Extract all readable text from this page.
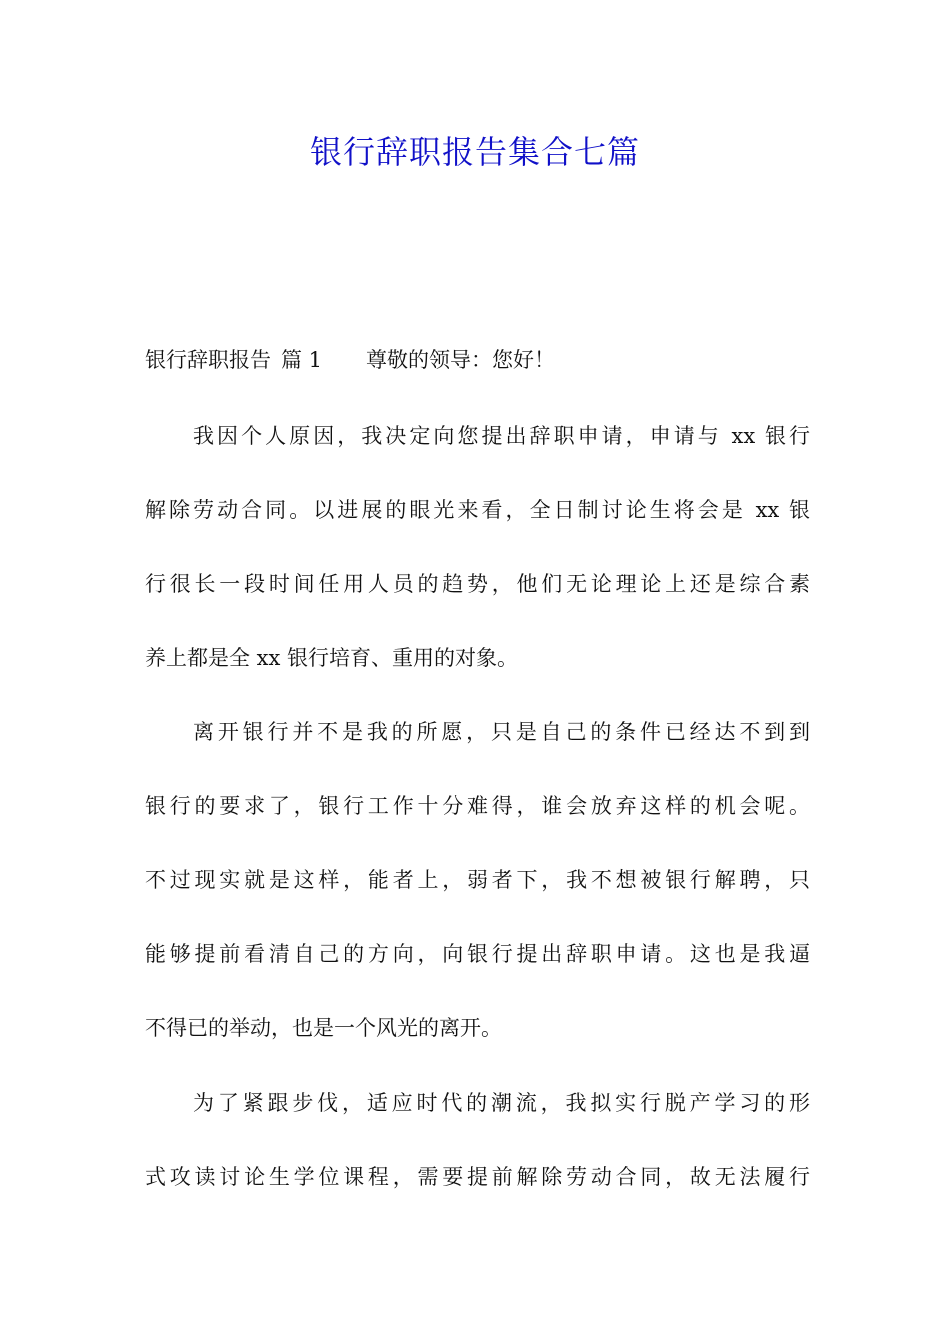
银行辞职报告集合七篇
银行辞职报告 篇 1 尊敬的领导：您好！
我因个人原因，我决定向您提出辞职申请，申请与 xx 银行
解除劳动合同。以进展的眼光来看，全日制讨论生将会是 xx 银
行很长一段时间任用人员的趋势，他们无论理论上还是综合素
养上都是全 xx 银行培育、重用的对象。
离开银行并不是我的所愿，只是自己的条件已经达不到到
银行的要求了，银行工作十分难得，谁会放弃这样的机会呢。
不过现实就是这样，能者上，弱者下，我不想被银行解聘，只
能够提前看清自己的方向，向银行提出辞职申请。这也是我逼
不得已的举动，也是一个风光的离开。
为了紧跟步伐，适应时代的潮流，我拟实行脱产学习的形
式攻读讨论生学位课程，需要提前解除劳动合同，故无法履行
